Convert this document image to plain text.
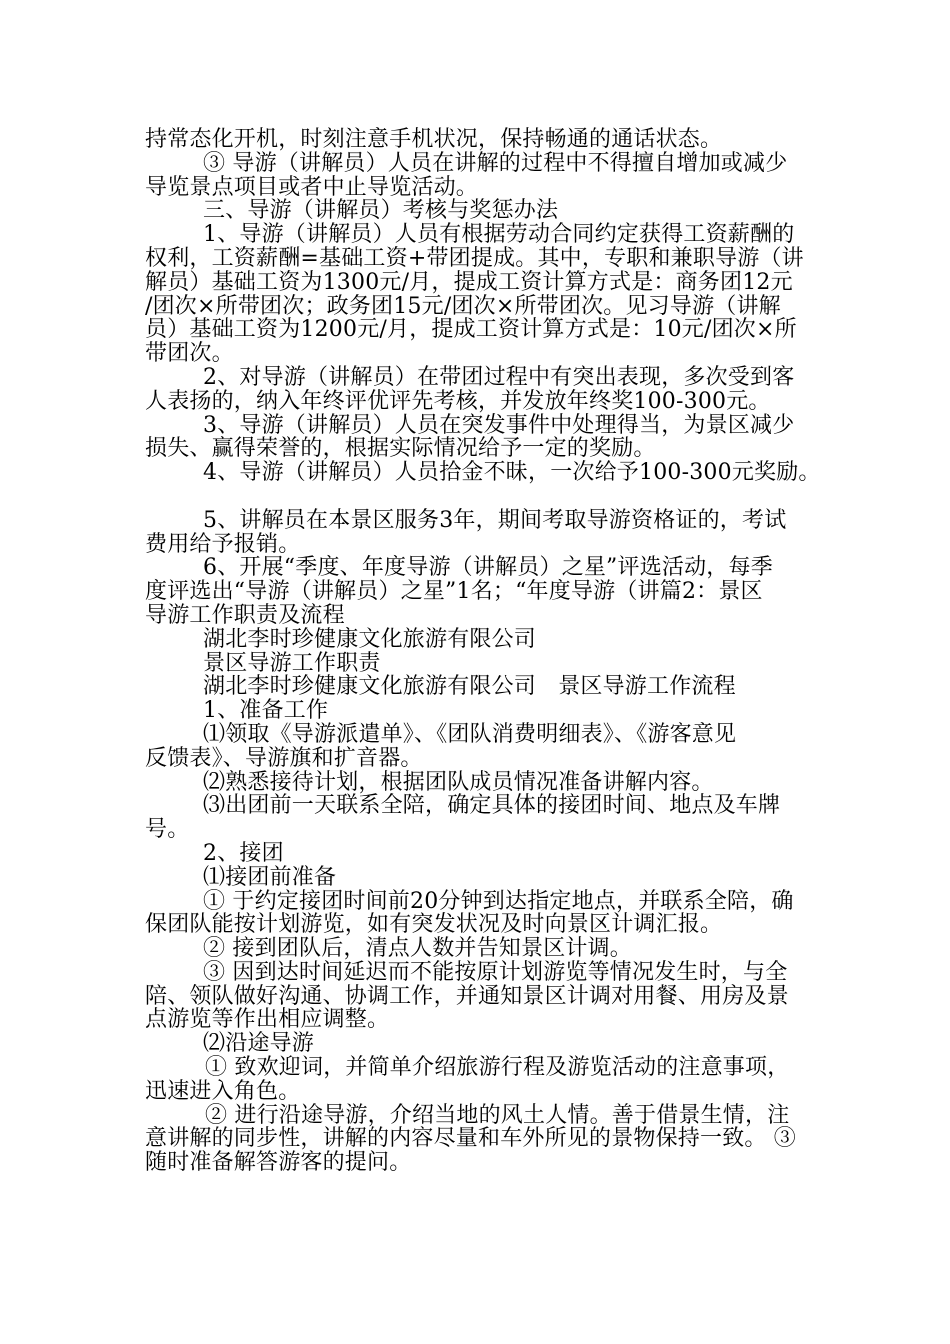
持常态化开机，时刻注意手机状况，保持畅通的通话状态。
③ 导游（讲解员）人员在讲解的过程中不得擅自增加或减少
导览景点项目或者中止导览活动。
三、导游（讲解员）考核与奖惩办法
1、导游（讲解员）人员有根据劳动合同约定获得工资薪酬的
权利，工资薪酬=基础工资+带团提成。其中，专职和兼职导游（讲
解员）基础工资为1300元/月，提成工资计算方式是：商务团12元
/团次×所带团次；政务团15元/团次×所带团次。见习导游（讲解
员）基础工资为1200元/月，提成工资计算方式是：10元/团次×所
带团次。
2、对导游（讲解员）在带团过程中有突出表现，多次受到客
人表扬的，纳入年终评优评先考核，并发放年终奖100-300元。
3、导游（讲解员）人员在突发事件中处理得当，为景区减少
损失、赢得荣誉的，根据实际情况给予一定的奖励。
4、导游（讲解员）人员拾金不昧，一次给予100-300元奖励。
5、讲解员在本景区服务3年，期间考取导游资格证的，考试
费用给予报销。
6、开展“季度、年度导游（讲解员）之星”评选活动，每季
度评选出“导游（讲解员）之星”1名；“年度导游（讲篇2：景区
导游工作职责及流程
湖北李时珍健康文化旅游有限公司
景区导游工作职责
湖北李时珍健康文化旅游有限公司　景区导游工作流程
1、准备工作
⑴领取《导游派遣单》、《团队消费明细表》、《游客意见
反馈表》、导游旗和扩音器。
⑵熟悉接待计划，根据团队成员情况准备讲解内容。
⑶出团前一天联系全陪，确定具体的接团时间、地点及车牌
号。
2、接团
⑴接团前准备
① 于约定接团时间前20分钟到达指定地点，并联系全陪，确
保团队能按计划游览，如有突发状况及时向景区计调汇报。
② 接到团队后，清点人数并告知景区计调。
③ 因到达时间延迟而不能按原计划游览等情况发生时，与全
陪、领队做好沟通、协调工作，并通知景区计调对用餐、用房及景
点游览等作出相应调整。
⑵沿途导游
① 致欢迎词，并简单介绍旅游行程及游览活动的注意事项，
迅速进入角色。
② 进行沿途导游，介绍当地的风土人情。善于借景生情，注
意讲解的同步性，讲解的内容尽量和车外所见的景物保持一致。 ③
随时准备解答游客的提问。
